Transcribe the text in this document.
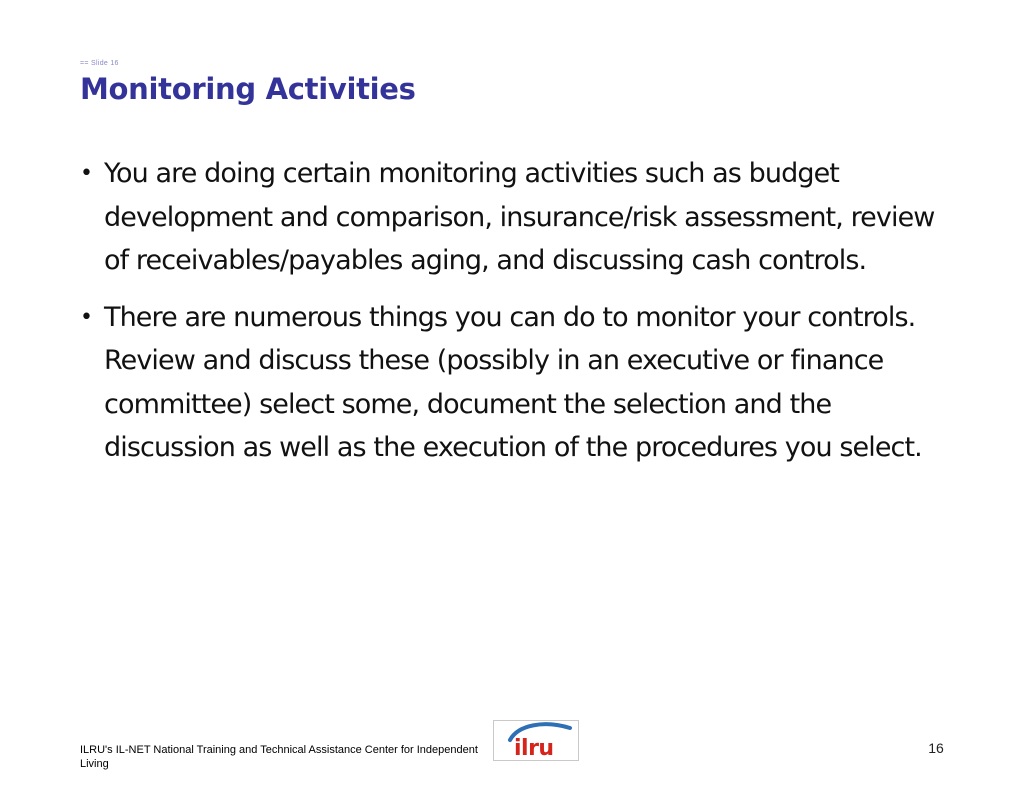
== Slide 16
Monitoring Activities
• You are doing certain monitoring activities such as budget development and comparison, insurance/risk assessment, review of receivables/payables aging, and discussing cash controls.
• There are numerous things you can do to monitor your controls. Review and discuss these (possibly in an executive or finance committee) select some, document the selection and the discussion as well as the execution of the procedures you select.
ILRU's IL-NET National Training and Technical Assistance Center for Independent Living
ilru	16
